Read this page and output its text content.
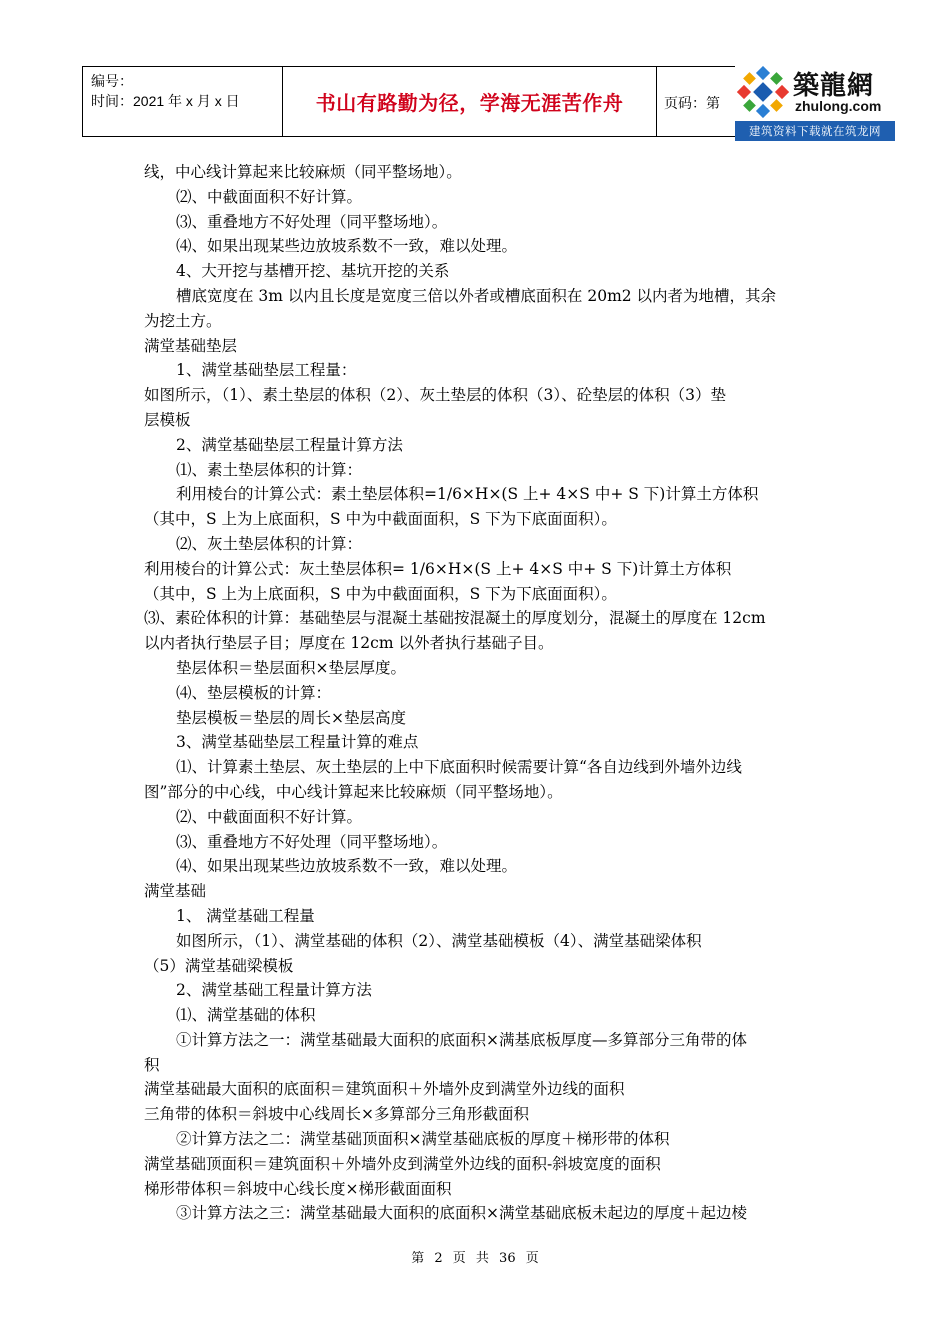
编号：
时间：2021 年 x 月 x 日	书山有路勤为径，学海无涯苦作舟	页码：第
築龍網
zhulong.com
建筑资料下载就在筑龙网
线，中心线计算起来比较麻烦（同平整场地）。
⑵、中截面面积不好计算。
⑶、重叠地方不好处理（同平整场地）。
⑷、如果出现某些边放坡系数不一致，难以处理。
4、大开挖与基槽开挖、基坑开挖的关系
槽底宽度在 3m 以内且长度是宽度三倍以外者或槽底面积在 20m2 以内者为地槽，其余
为挖土方。
满堂基础垫层
1、满堂基础垫层工程量：
如图所示，（1）、素土垫层的体积（2）、灰土垫层的体积（3）、砼垫层的体积（3）垫
层模板
2、满堂基础垫层工程量计算方法
⑴、素土垫层体积的计算：
利用棱台的计算公式：素土垫层体积=1/6×H×(S 上+ 4×S 中+ S 下)计算土方体积
（其中，S 上为上底面积，S 中为中截面面积，S 下为下底面面积）。
⑵、灰土垫层体积的计算：
利用棱台的计算公式：灰土垫层体积= 1/6×H×(S 上+ 4×S 中+ S 下)计算土方体积
（其中，S 上为上底面积，S 中为中截面面积，S 下为下底面面积）。
⑶、素砼体积的计算：基础垫层与混凝土基础按混凝土的厚度划分，混凝土的厚度在 12cm
以内者执行垫层子目；厚度在 12cm 以外者执行基础子目。
垫层体积＝垫层面积×垫层厚度。
⑷、垫层模板的计算：
垫层模板＝垫层的周长×垫层高度
3、满堂基础垫层工程量计算的难点
⑴、计算素土垫层、灰土垫层的上中下底面积时候需要计算“各自边线到外墙外边线
图”部分的中心线，中心线计算起来比较麻烦（同平整场地）。
⑵、中截面面积不好计算。
⑶、重叠地方不好处理（同平整场地）。
⑷、如果出现某些边放坡系数不一致，难以处理。
满堂基础
1、 满堂基础工程量
如图所示，（1）、满堂基础的体积（2）、满堂基础模板（4）、满堂基础梁体积
（5）满堂基础梁模板
2、满堂基础工程量计算方法
⑴、满堂基础的体积
①计算方法之一：满堂基础最大面积的底面积×满基底板厚度—多算部分三角带的体
积
满堂基础最大面积的底面积＝建筑面积＋外墙外皮到满堂外边线的面积
三角带的体积＝斜坡中心线周长×多算部分三角形截面积
②计算方法之二：满堂基础顶面积×满堂基础底板的厚度＋梯形带的体积
满堂基础顶面积＝建筑面积＋外墙外皮到满堂外边线的面积-斜坡宽度的面积
梯形带体积＝斜坡中心线长度×梯形截面面积
③计算方法之三：满堂基础最大面积的底面积×满堂基础底板未起边的厚度＋起边棱
第 2 页 共 36 页
